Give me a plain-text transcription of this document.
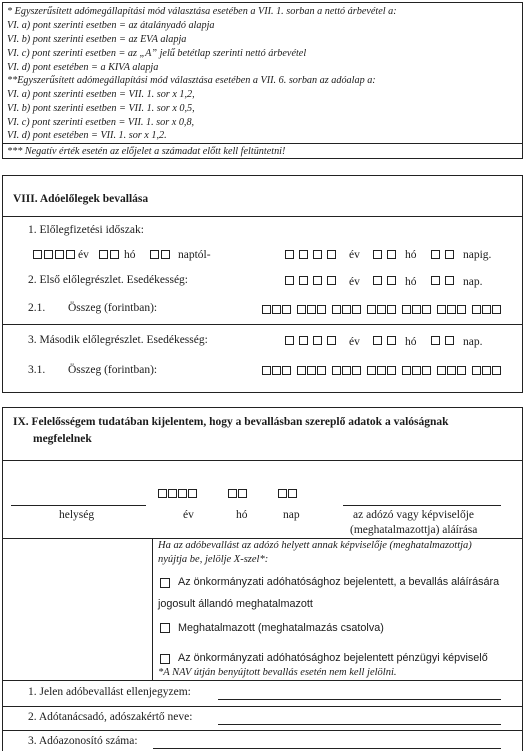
* Egyszerűsített adómegállapítási mód választása esetében a VII. 1. sorban a nettó árbevétel a:
VI. a) pont szerinti esetben = az átalányadó alapja
VI. b) pont szerinti esetben = az EVA alapja
VI. c) pont szerinti esetben = az „A” jelű betétlap szerinti nettó árbevétel
VI. d) pont esetében = a KIVA alapja
**Egyszerűsített adómegállapítási mód választása esetében a VII. 6. sorban az adóalap a:
VI. a) pont szerinti esetben = VII. 1. sor x 1,2,
VI. b) pont szerinti esetben = VII. 1. sor x 0,5,
VI. c) pont szerinti esetben = VII. 1. sor x 0,8,
VI. d) pont esetében = VII. 1. sor x 1,2.
*** Negatív érték esetén az előjelet a számadat előtt kell feltüntetni!
VIII. Adóelőlegek bevallása
1. Előlegfizetési időszak:
év	hó	naptól-	év	hó	napig.
2. Első előlegrészlet. Esedékesség:	év	hó	nap.
2.1. Összeg (forintban):
3. Második előlegrészlet. Esedékesség:	év	hó	nap.
3.1. Összeg (forintban):
IX. Felelősségem tudatában kijelentem, hogy a bevallásban szereplő adatok a valóságnak
megfelelnek
helység	év	hó	nap	az adózó vagy képviselője
(meghatalmazottja) aláírása
Ha az adóbevallást az adózó helyett annak képviselője (meghatalmazottja)
nyújtja be, jelölje X-szel*:
Az önkormányzati adóhatósághoz bejelentett, a bevallás aláírására
jogosult állandó meghatalmazott
Meghatalmazott (meghatalmazás csatolva)
Az önkormányzati adóhatósághoz bejelentett pénzügyi képviselő
*A NAV útján benyújtott bevallás esetén nem kell jelölni.
1. Jelen adóbevallást ellenjegyzem:
2. Adótanácsadó, adószakértő neve:
3. Adóazonosító száma:
